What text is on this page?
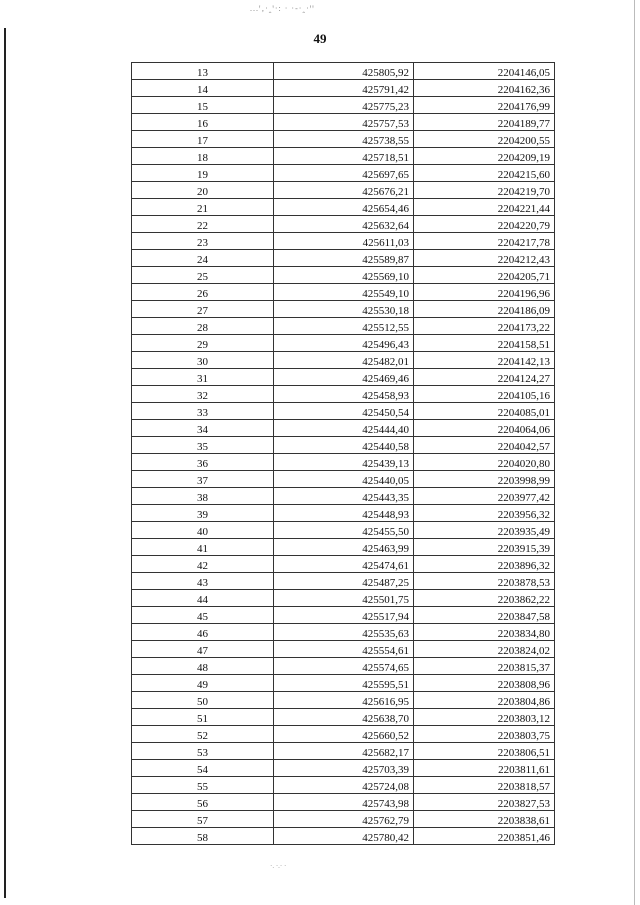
...ꞌ‚·ꞈꞌ·: · ·-·ꞈ·ꞌꞌ
49
13	425805,92	2204146,05
14	425791,42	2204162,36
15	425775,23	2204176,99
16	425757,53	2204189,77
17	425738,55	2204200,55
18	425718,51	2204209,19
19	425697,65	2204215,60
20	425676,21	2204219,70
21	425654,46	2204221,44
22	425632,64	2204220,79
23	425611,03	2204217,78
24	425589,87	2204212,43
25	425569,10	2204205,71
26	425549,10	2204196,96
27	425530,18	2204186,09
28	425512,55	2204173,22
29	425496,43	2204158,51
30	425482,01	2204142,13
31	425469,46	2204124,27
32	425458,93	2204105,16
33	425450,54	2204085,01
34	425444,40	2204064,06
35	425440,58	2204042,57
36	425439,13	2204020,80
37	425440,05	2203998,99
38	425443,35	2203977,42
39	425448,93	2203956,32
40	425455,50	2203935,49
41	425463,99	2203915,39
42	425474,61	2203896,32
43	425487,25	2203878,53
44	425501,75	2203862,22
45	425517,94	2203847,58
46	425535,63	2203834,80
47	425554,61	2203824,02
48	425574,65	2203815,37
49	425595,51	2203808,96
50	425616,95	2203804,86
51	425638,70	2203803,12
52	425660,52	2203803,75
53	425682,17	2203806,51
54	425703,39	2203811,61
55	425724,08	2203818,57
56	425743,98	2203827,53
57	425762,79	2203838,61
58	425780,42	2203851,46
·. ·.· ·
